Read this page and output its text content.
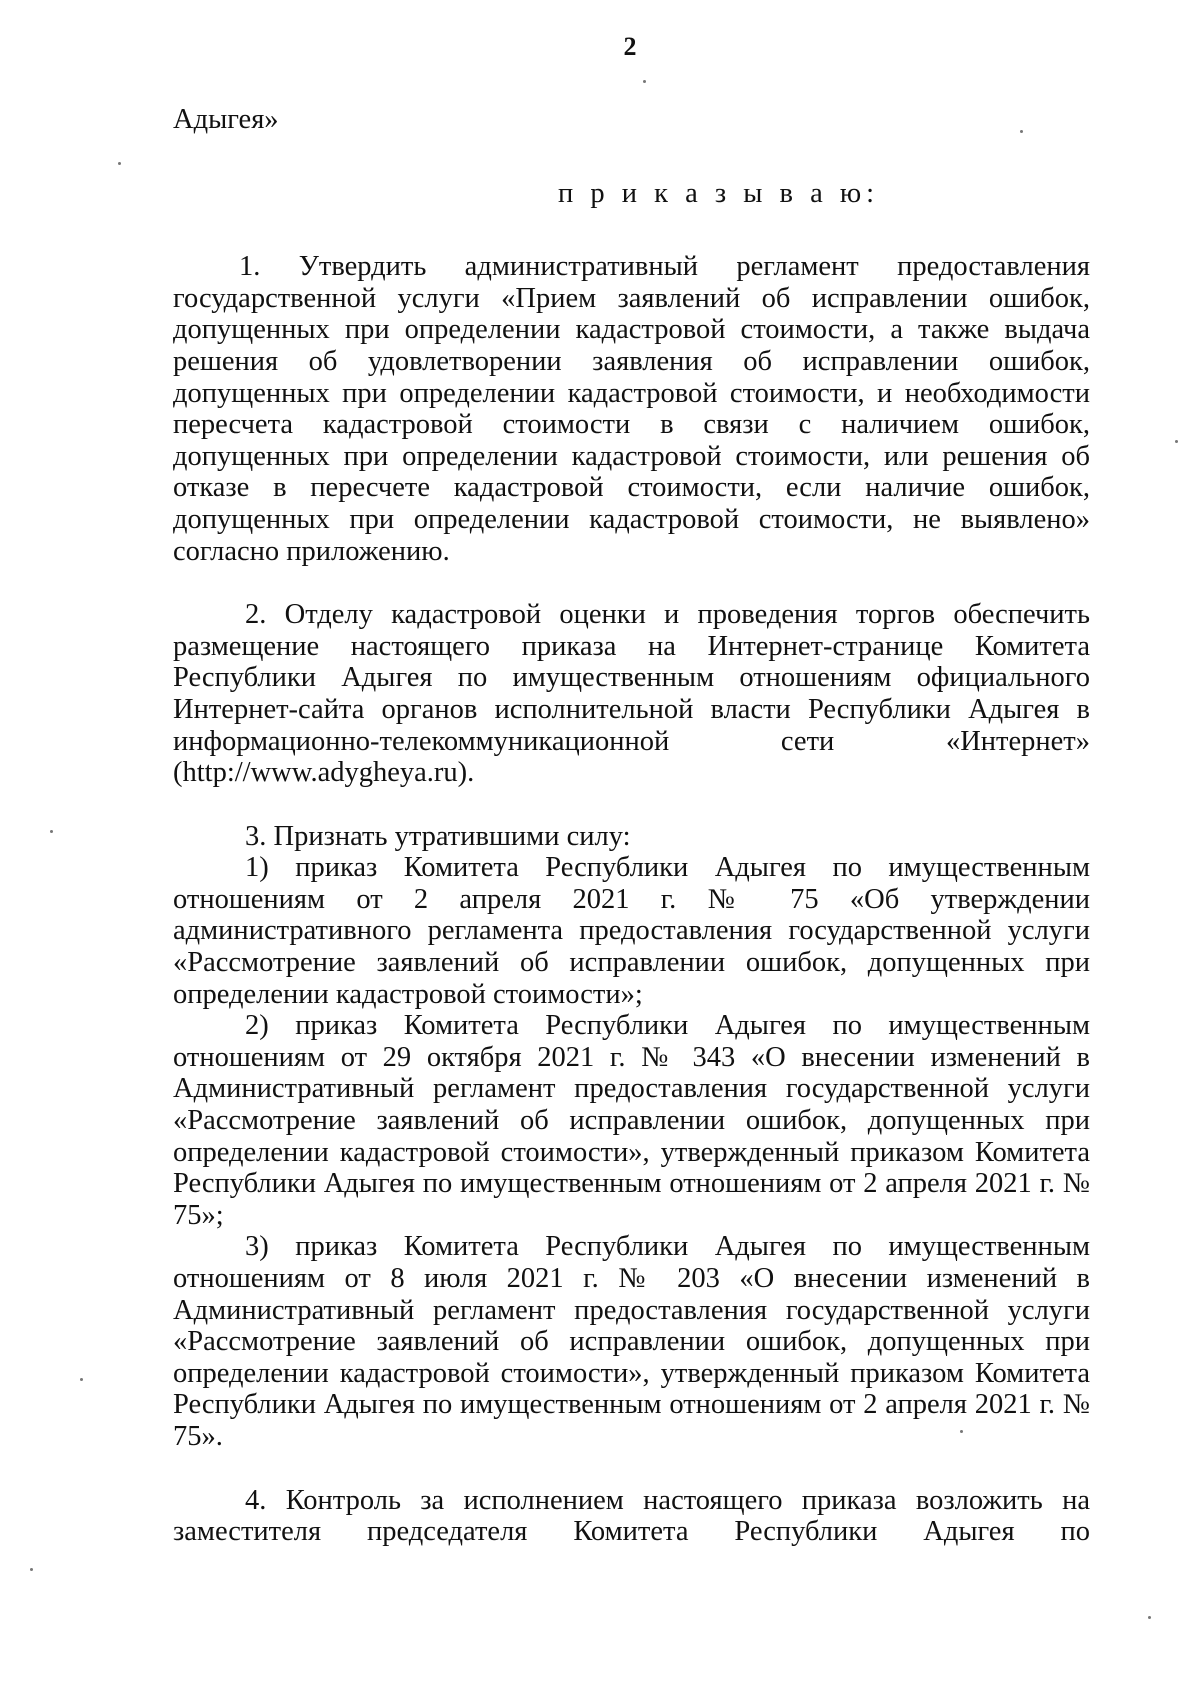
2
Адыгея»
п р и к а з ы в а ю:
1. Утвердить административный регламент предоставления
государственной услуги «Прием заявлений об исправлении ошибок,
допущенных при определении кадастровой стоимости, а также выдача
решения об удовлетворении заявления об исправлении ошибок,
допущенных при определении кадастровой стоимости, и необходимости
пересчета кадастровой стоимости в связи с наличием ошибок,
допущенных при определении кадастровой стоимости, или решения об
отказе в пересчете кадастровой стоимости, если наличие ошибок,
допущенных при определении кадастровой стоимости, не выявлено»
согласно приложению.
2. Отделу кадастровой оценки и проведения торгов обеспечить
размещение настоящего приказа на Интернет-странице Комитета
Республики Адыгея по имущественным отношениям официального
Интернет-сайта органов исполнительной власти Республики Адыгея в
информационно-телекоммуникационной сети «Интернет»
(http://www.adygheya.ru).
3. Признать утратившими силу:
1) приказ Комитета Республики Адыгея по имущественным
отношениям от 2 апреля 2021 г. № 75 «Об утверждении
административного регламента предоставления государственной услуги
«Рассмотрение заявлений об исправлении ошибок, допущенных при
определении кадастровой стоимости»;
2) приказ Комитета Республики Адыгея по имущественным
отношениям от 29 октября 2021 г. № 343 «О внесении изменений в
Административный регламент предоставления государственной услуги
«Рассмотрение заявлений об исправлении ошибок, допущенных при
определении кадастровой стоимости», утвержденный приказом Комитета
Республики Адыгея по имущественным отношениям от 2 апреля 2021 г. №
75»;
3) приказ Комитета Республики Адыгея по имущественным
отношениям от 8 июля 2021 г. № 203 «О внесении изменений в
Административный регламент предоставления государственной услуги
«Рассмотрение заявлений об исправлении ошибок, допущенных при
определении кадастровой стоимости», утвержденный приказом Комитета
Республики Адыгея по имущественным отношениям от 2 апреля 2021 г. №
75».
4. Контроль за исполнением настоящего приказа возложить на
заместителя председателя Комитета Республики Адыгея по
